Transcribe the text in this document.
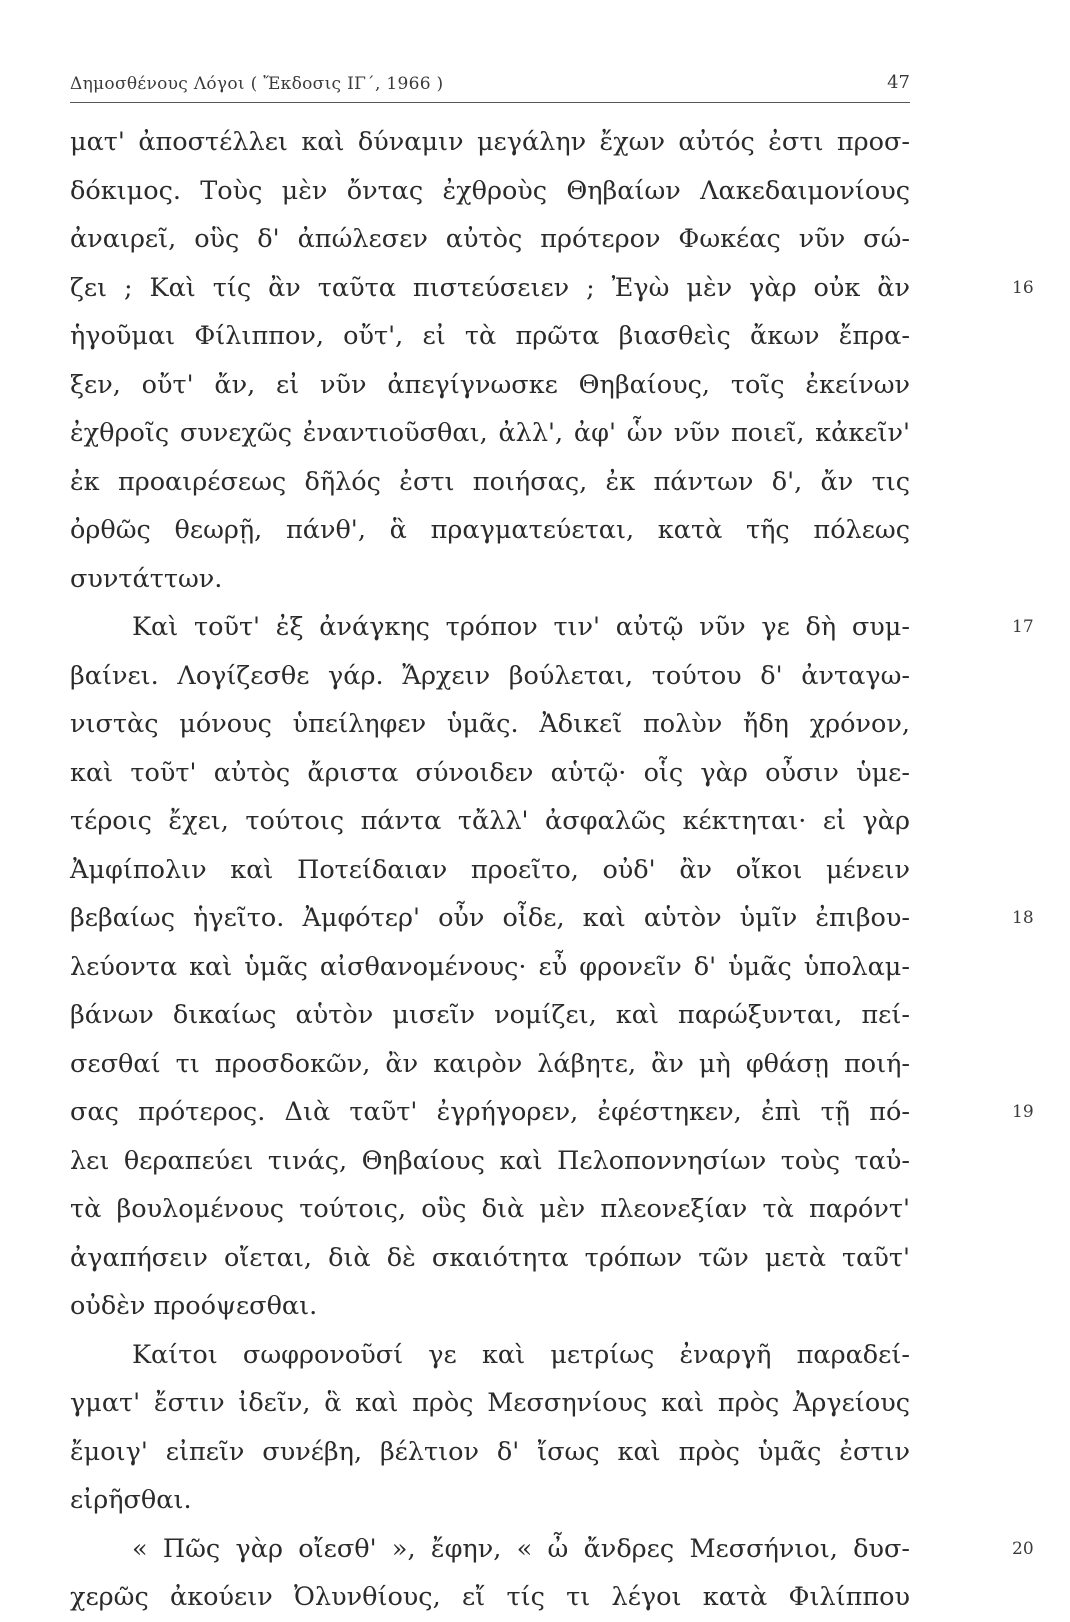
Δημοσθένους Λόγοι ( Ἔκδοσις ΙΓ΄, 1966 )	47
ματ' ἀποστέλλει καὶ δύναμιν μεγάλην ἔχων αὐτός ἐστι προσ-
δόκιμος. Τοὺς μὲν ὄντας ἐχθροὺς Θηβαίων Λακεδαιμονίους
ἀναιρεῖ, οὓς δ' ἀπώλεσεν αὐτὸς πρότερον Φωκέας νῦν σώ-
ζει ; Καὶ τίς ἂν ταῦτα πιστεύσειεν ; Ἐγὼ μὲν γὰρ οὐκ ἂν	16
ἡγοῦμαι Φίλιππον, οὔτ', εἰ τὰ πρῶτα βιασθεὶς ἄκων ἔπρα-
ξεν, οὔτ' ἄν, εἰ νῦν ἀπεγίγνωσκε Θηβαίους, τοῖς ἐκείνων
ἐχθροῖς συνεχῶς ἐναντιοῦσθαι, ἀλλ', ἀφ' ὧν νῦν ποιεῖ, κἀκεῖν'
ἐκ προαιρέσεως δῆλός ἐστι ποιήσας, ἐκ πάντων δ', ἄν τις
ὀρθῶς θεωρῇ, πάνθ', ἃ πραγματεύεται, κατὰ τῆς πόλεως
συντάττων.
Καὶ τοῦτ' ἐξ ἀνάγκης τρόπον τιν' αὐτῷ νῦν γε δὴ συμ-	17
βαίνει. Λογίζεσθε γάρ. Ἄρχειν βούλεται, τούτου δ' ἀνταγω-
νιστὰς μόνους ὑπείληφεν ὑμᾶς. Ἀδικεῖ πολὺν ἤδη χρόνον,
καὶ τοῦτ' αὐτὸς ἄριστα σύνοιδεν αὑτῷ· οἷς γὰρ οὖσιν ὑμε-
τέροις ἔχει, τούτοις πάντα τἄλλ' ἀσφαλῶς κέκτηται· εἰ γὰρ
Ἀμφίπολιν καὶ Ποτείδαιαν προεῖτο, οὐδ' ἂν οἴκοι μένειν
βεβαίως ἡγεῖτο. Ἀμφότερ' οὖν οἶδε, καὶ αὑτὸν ὑμῖν ἐπιβου-	18
λεύοντα καὶ ὑμᾶς αἰσθανομένους· εὖ φρονεῖν δ' ὑμᾶς ὑπολαμ-
βάνων δικαίως αὑτὸν μισεῖν νομίζει, καὶ παρώξυνται, πεί-
σεσθαί τι προσδοκῶν, ἂν καιρὸν λάβητε, ἂν μὴ φθάσῃ ποιή-
σας πρότερος. Διὰ ταῦτ' ἐγρήγορεν, ἐφέστηκεν, ἐπὶ τῇ πό-	19
λει θεραπεύει τινάς, Θηβαίους καὶ Πελοποννησίων τοὺς ταὐ-
τὰ βουλομένους τούτοις, οὓς διὰ μὲν πλεονεξίαν τὰ παρόντ'
ἀγαπήσειν οἴεται, διὰ δὲ σκαιότητα τρόπων τῶν μετὰ ταῦτ'
οὐδὲν προόψεσθαι.
Καίτοι σωφρονοῦσί γε καὶ μετρίως ἐναργῆ παραδεί-
γματ' ἔστιν ἰδεῖν, ἃ καὶ πρὸς Μεσσηνίους καὶ πρὸς Ἀργείους
ἔμοιγ' εἰπεῖν συνέβη, βέλτιον δ' ἴσως καὶ πρὸς ὑμᾶς ἐστιν
εἰρῆσθαι.
« Πῶς γὰρ οἴεσθ' », ἔφην, « ὦ ἄνδρες Μεσσήνιοι, δυσ-	20
χερῶς ἀκούειν Ὀλυνθίους, εἴ τίς τι λέγοι κατὰ Φιλίππου
